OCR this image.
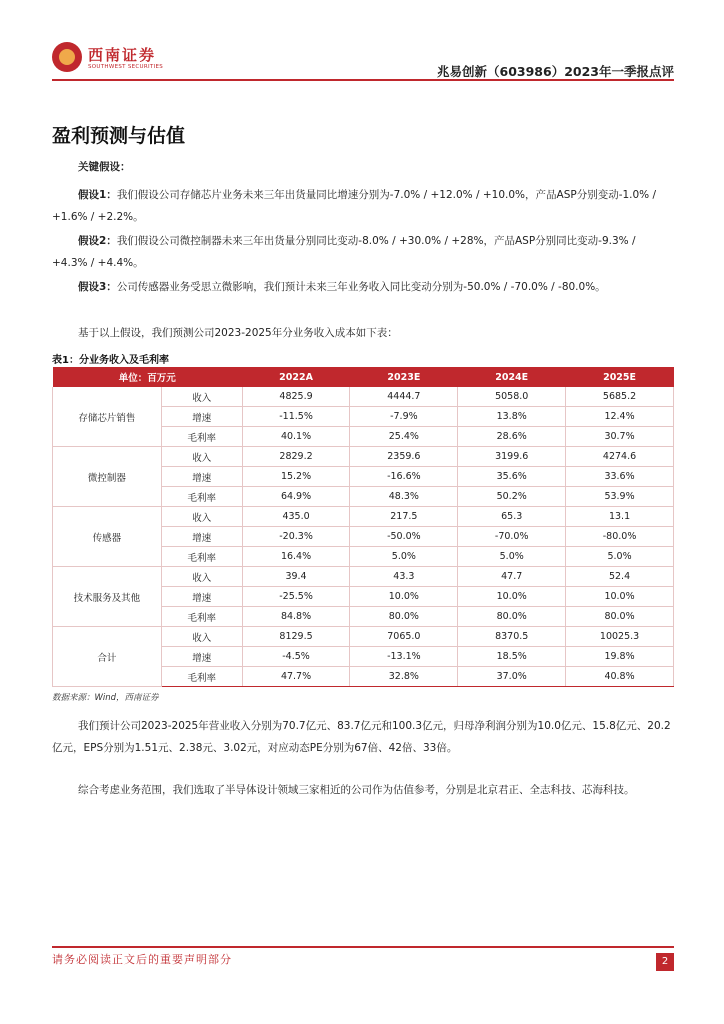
西南证券
SOUTHWEST SECURITIES	兆易创新（603986）2023年一季报点评
盈利预测与估值
关键假设：
假设1：我们假设公司存储芯片业务未来三年出货量同比增速分别为-7.0% / +12.0% / +10.0%，产品ASP分别变动-1.0% / +1.6% / +2.2%。
假设2：我们假设公司微控制器未来三年出货量分别同比变动-8.0% / +30.0% / +28%，产品ASP分别同比变动-9.3% / +4.3% / +4.4%。
假设3：公司传感器业务受思立微影响，我们预计未来三年业务收入同比变动分别为-50.0% / -70.0% / -80.0%。
基于以上假设，我们预测公司2023-2025年分业务收入成本如下表：
表1：分业务收入及毛利率
单位：百万元		2022A	2023E	2024E	2025E
存储芯片销售	收入	4825.9	4444.7	5058.0	5685.2
	增速	-11.5%	-7.9%	13.8%	12.4%
	毛利率	40.1%	25.4%	28.6%	30.7%
微控制器	收入	2829.2	2359.6	3199.6	4274.6
	增速	15.2%	-16.6%	35.6%	33.6%
	毛利率	64.9%	48.3%	50.2%	53.9%
传感器	收入	435.0	217.5	65.3	13.1
	增速	-20.3%	-50.0%	-70.0%	-80.0%
	毛利率	16.4%	5.0%	5.0%	5.0%
技术服务及其他	收入	39.4	43.3	47.7	52.4
	增速	-25.5%	10.0%	10.0%	10.0%
	毛利率	84.8%	80.0%	80.0%	80.0%
合计	收入	8129.5	7065.0	8370.5	10025.3
	增速	-4.5%	-13.1%	18.5%	19.8%
	毛利率	47.7%	32.8%	37.0%	40.8%
数据来源：Wind，西南证券
我们预计公司2023-2025年营业收入分别为70.7亿元、83.7亿元和100.3亿元，归母净利润分别为10.0亿元、15.8亿元、20.2亿元，EPS分别为1.51元、2.38元、3.02元，对应动态PE分别为67倍、42倍、33倍。
综合考虑业务范围，我们选取了半导体设计领域三家相近的公司作为估值参考，分别是北京君正、全志科技、芯海科技。
请务必阅读正文后的重要声明部分	2
